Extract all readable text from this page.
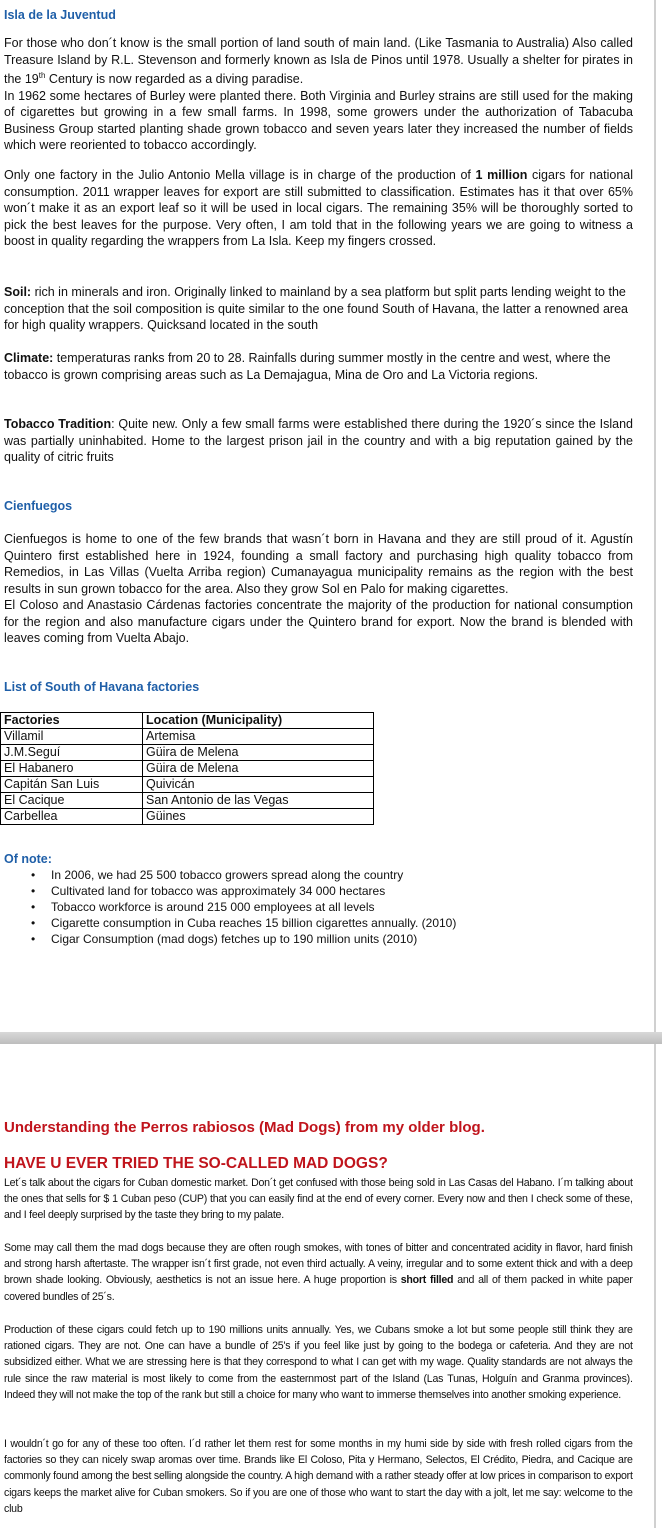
Isla de la Juventud

For those who don´t know is the small portion of land south of main land. (Like Tasmania to Australia) Also called Treasure Island by R.L. Stevenson and formerly known as Isla de Pinos until 1978. Usually a shelter for pirates in the 19th Century is now regarded as a diving paradise.

In 1962 some hectares of Burley were planted there. Both Virginia and Burley strains are still used for the making of cigarettes but growing in a few small farms. In 1998, some growers under the authorization of Tabacuba Business Group started planting shade grown tobacco and seven years later they increased the number of fields which were reoriented to tobacco accordingly.

Only one factory in the Julio Antonio Mella village is in charge of the production of 1 million cigars for national consumption. 2011 wrapper leaves for export are still submitted to classification. Estimates has it that over 65% won´t make it as an export leaf so it will be used in local cigars. The remaining 35% will be thoroughly sorted to pick the best leaves for the purpose. Very often, I am told that in the following years we are going to witness a boost in quality regarding the wrappers from La Isla. Keep my fingers crossed.

Soil: rich in minerals and iron. Originally linked to mainland by a sea platform but split parts lending weight to the conception that the soil composition is quite similar to the one found South of Havana, the latter a renowned area for high quality wrappers. Quicksand located in the south

Climate: temperaturas ranks from 20 to 28. Rainfalls during summer mostly in the centre and west, where the tobacco is grown comprising areas such as La Demajagua, Mina de Oro and La Victoria regions.

Tobacco Tradition: Quite new. Only a few small farms were established there during the 1920´s since the Island was partially uninhabited. Home to the largest prison jail in the country and with a big reputation gained by the quality of citric fruits

Cienfuegos

Cienfuegos is home to one of the few brands that wasn´t born in Havana and they are still proud of it. Agustín Quintero first established here in 1924, founding a small factory and purchasing high quality tobacco from Remedios, in Las Villas (Vuelta Arriba region) Cumanayagua municipality remains as the region with the best results in sun grown tobacco for the area. Also they grow Sol en Palo for making cigarettes.

El Coloso and Anastasio Cárdenas factories concentrate the majority of the production for national consumption for the region and also manufacture cigars under the Quintero brand for export. Now the brand is blended with leaves coming from Vuelta Abajo.

List of South of Havana factories
Factories	Location (Municipality)
Villamil	Artemisa
J.M.Seguí	Güira de Melena
El Habanero	Güira de Melena
Capitán San Luis	Quivicán
El Cacique	San Antonio de las Vegas
Carbellea	Güines
Of note:
• In 2006, we had 25 500 tobacco growers spread along the country
• Cultivated land for tobacco was approximately 34 000 hectares
• Tobacco workforce is around 215 000 employees at all levels
• Cigarette consumption in Cuba reaches 15 billion cigarettes annually. (2010)
• Cigar Consumption (mad dogs) fetches up to 190 million units (2010)
Understanding the Perros rabiosos (Mad Dogs) from my older blog.
HAVE U EVER TRIED THE SO-CALLED MAD DOGS?

Let´s talk about the cigars for Cuban domestic market. Don´t get confused with those being sold in Las Casas del Habano. I´m talking about the ones that sells for $ 1 Cuban peso (CUP) that you can easily find at the end of every corner. Every now and then I check some of these, and I feel deeply surprised by the taste they bring to my palate.

Some may call them the mad dogs because they are often rough smokes, with tones of bitter and concentrated acidity in flavor, hard finish and strong harsh aftertaste. The wrapper isn´t first grade, not even third actually. A veiny, irregular and to some extent thick and with a deep brown shade looking. Obviously, aesthetics is not an issue here. A huge proportion is short filled and all of them packed in white paper covered bundles of 25´s.

Production of these cigars could fetch up to 190 millions units annually. Yes, we Cubans smoke a lot but some people still think they are rationed cigars. They are not. One can have a bundle of 25's if you feel like just by going to the bodega or cafeteria. And they are not subsidized either. What we are stressing here is that they correspond to what I can get with my wage. Quality standards are not always the rule since the raw material is most likely to come from the easternmost part of the Island (Las Tunas, Holguín and Granma provinces). Indeed they will not make the top of the rank but still a choice for many who want to immerse themselves into another smoking experience.

I wouldn´t go for any of these too often. I´d rather let them rest for some months in my humi side by side with fresh rolled cigars from the factories so they can nicely swap aromas over time. Brands like El Coloso, Pita y Hermano, Selectos, El Crédito, Piedra, and Cacique are commonly found among the best selling alongside the country. A high demand with a rather steady offer at low prices in comparison to export cigars keeps the market alive for Cuban smokers. So if you are one of those who want to start the day with a jolt, let me say: welcome to the club
